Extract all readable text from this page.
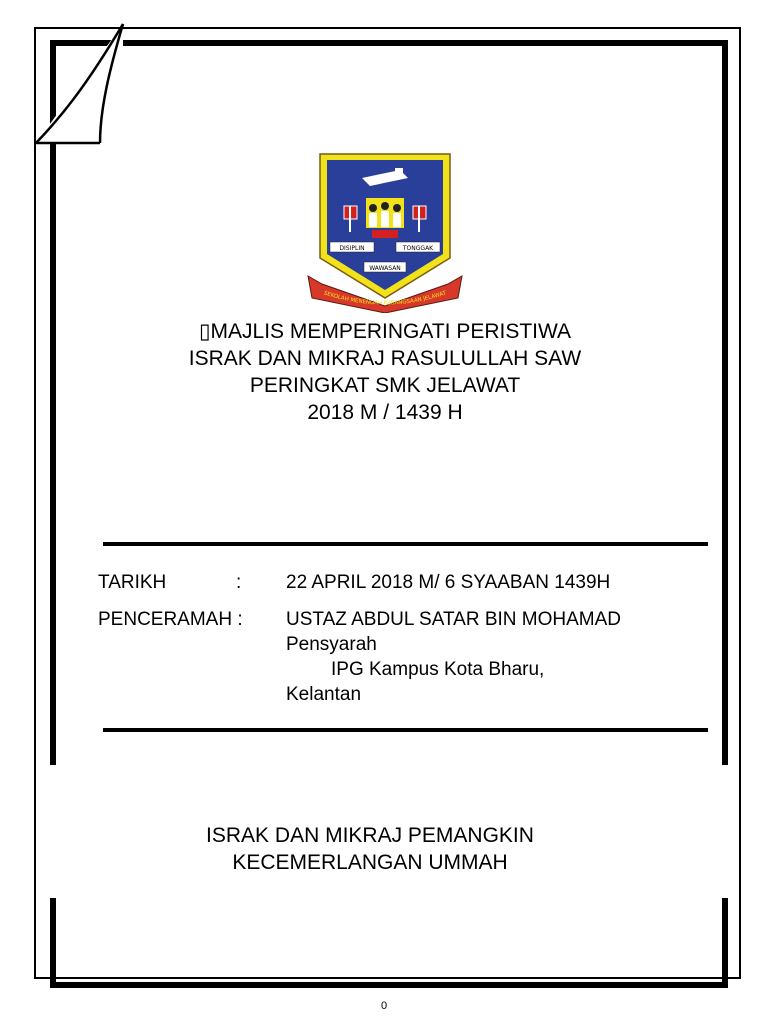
DISIPLIN	TONGGAK
WAWASAN
SEKOLAH MENENGAH KEBANGSAAN JELAWAT
▯MAJLIS MEMPERINGATI PERISTIWA
ISRAK DAN MIKRAJ RASULULLAH SAW
PERINGKAT SMK JELAWAT
2018 M / 1439 H
TARIKH	: 22 APRIL 2018 M/ 6 SYAABAN 1439H
PENCERAMAH : USTAZ ABDUL SATAR BIN MOHAMAD
Pensyarah
IPG Kampus Kota Bharu,
Kelantan
ISRAK DAN MIKRAJ PEMANGKIN
KECEMERLANGAN UMMAH
0
